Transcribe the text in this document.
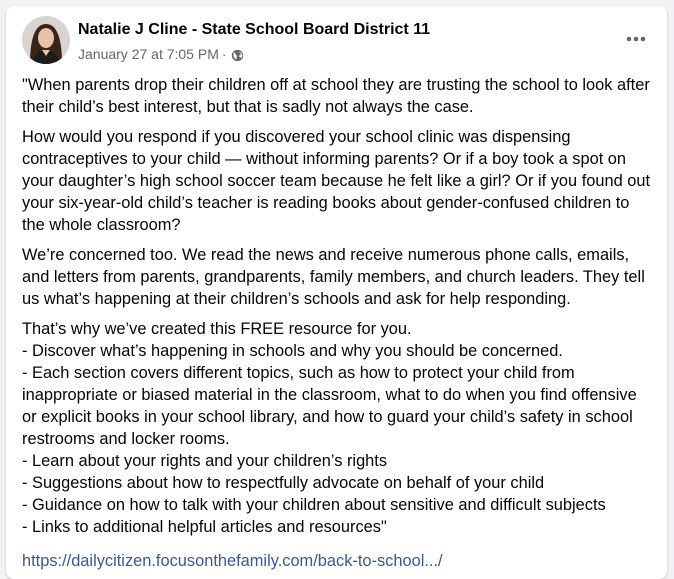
Natalie J Cline - State School Board District 11
January 27 at 7:05 PM ·

"When parents drop their children off at school they are trusting the school to look after their child’s best interest, but that is sadly not always the case.

How would you respond if you discovered your school clinic was dispensing contraceptives to your child — without informing parents? Or if a boy took a spot on your daughter’s high school soccer team because he felt like a girl? Or if you found out your six-year-old child’s teacher is reading books about gender-confused children to the whole classroom?

We’re concerned too. We read the news and receive numerous phone calls, emails, and letters from parents, grandparents, family members, and church leaders. They tell us what’s happening at their children’s schools and ask for help responding.

That’s why we’ve created this FREE resource for you.
- Discover what’s happening in schools and why you should be concerned.
- Each section covers different topics, such as how to protect your child from inappropriate or biased material in the classroom, what to do when you find offensive or explicit books in your school library, and how to guard your child’s safety in school restrooms and locker rooms.
- Learn about your rights and your children’s rights
- Suggestions about how to respectfully advocate on behalf of your child
- Guidance on how to talk with your children about sensitive and difficult subjects
- Links to additional helpful articles and resources"

https://dailycitizen.focusonthefamily.com/back-to-school.../
